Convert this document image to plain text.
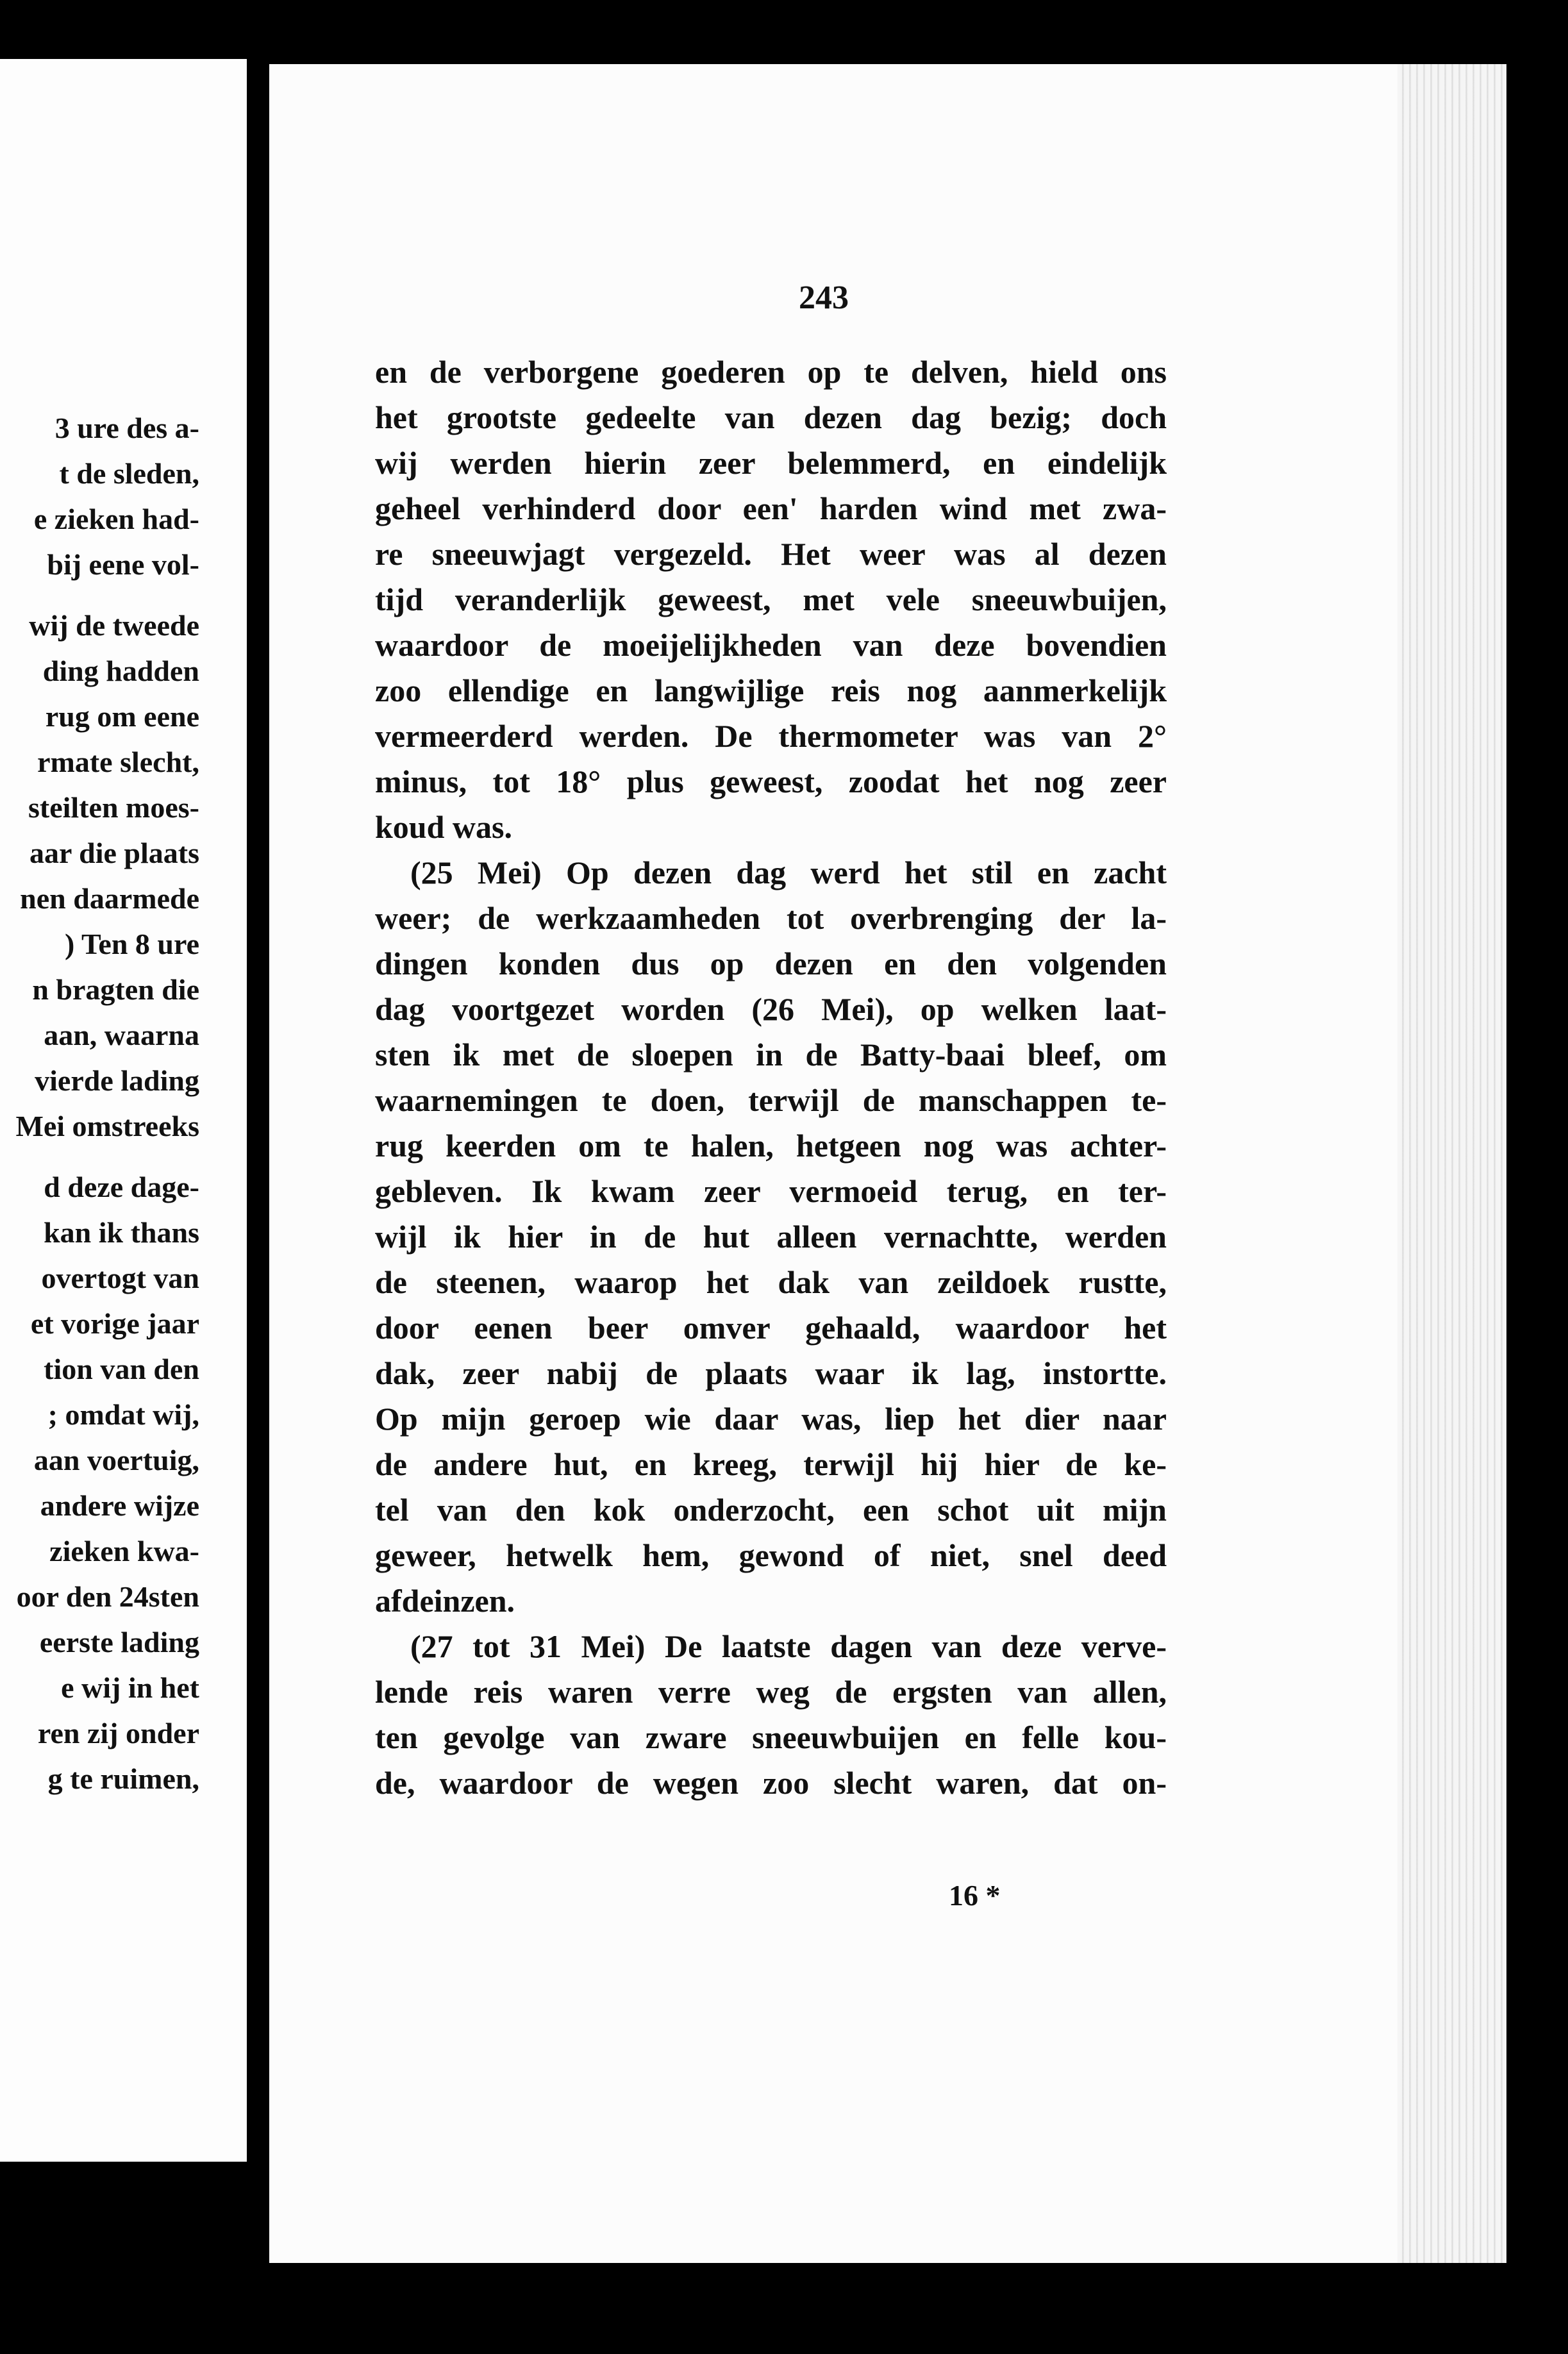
3 ure des a-
t de sleden,
e zieken had-
bij eene vol-
wij de tweede
ding hadden
rug om eene
rmate slecht,
steilten moes-
aar die plaats
nen daarmede
) Ten 8 ure
n bragten die
aan, waarna
vierde lading
Mei omstreeks
d deze dage-
kan ik thans
overtogt van
et vorige jaar
tion van den
; omdat wij,
aan voertuig,
andere wijze
zieken kwa-
oor den 24sten
eerste lading
e wij in het
ren zij onder
g te ruimen,
243
en de verborgene goederen op te delven, hield ons
het grootste gedeelte van dezen dag bezig; doch
wij werden hierin zeer belemmerd, en eindelijk
geheel verhinderd door een' harden wind met zwa-
re sneeuwjagt vergezeld. Het weer was al dezen
tijd veranderlijk geweest, met vele sneeuwbuijen,
waardoor de moeijelijkheden van deze bovendien
zoo ellendige en langwijlige reis nog aanmerkelijk
vermeerderd werden. De thermometer was van 2°
minus, tot 18° plus geweest, zoodat het nog zeer
koud was.
(25 Mei) Op dezen dag werd het stil en zacht
weer; de werkzaamheden tot overbrenging der la-
dingen konden dus op dezen en den volgenden
dag voortgezet worden (26 Mei), op welken laat-
sten ik met de sloepen in de Batty-baai bleef, om
waarnemingen te doen, terwijl de manschappen te-
rug keerden om te halen, hetgeen nog was achter-
gebleven. Ik kwam zeer vermoeid terug, en ter-
wijl ik hier in de hut alleen vernachtte, werden
de steenen, waarop het dak van zeildoek rustte,
door eenen beer omver gehaald, waardoor het
dak, zeer nabij de plaats waar ik lag, instortte.
Op mijn geroep wie daar was, liep het dier naar
de andere hut, en kreeg, terwijl hij hier de ke-
tel van den kok onderzocht, een schot uit mijn
geweer, hetwelk hem, gewond of niet, snel deed
afdeinzen.
(27 tot 31 Mei) De laatste dagen van deze verve-
lende reis waren verre weg de ergsten van allen,
ten gevolge van zware sneeuwbuijen en felle kou-
de, waardoor de wegen zoo slecht waren, dat on-
16 *
